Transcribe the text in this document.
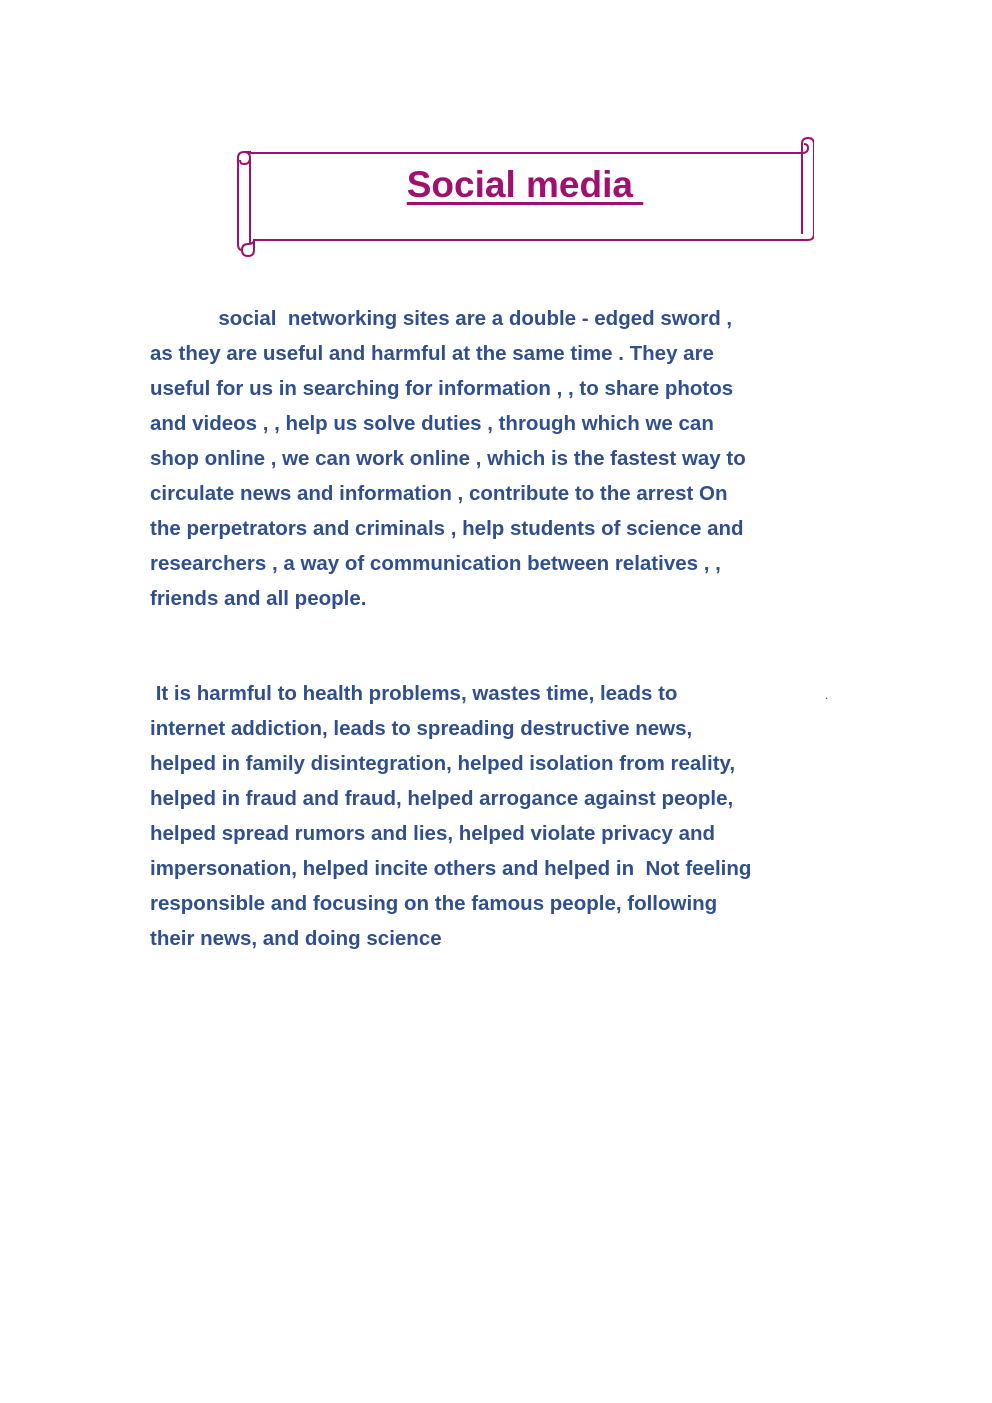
Social media
social  networking sites are a double - edged sword ,
as they are useful and harmful at the same time . They are
useful for us in searching for information , , to share photos
and videos , , help us solve duties , through which we can
shop online , we can work online , which is the fastest way to
circulate news and information , contribute to the arrest On
the perpetrators and criminals , help students of science and
researchers , a way of communication between relatives , ,
friends and all people.
.
It is harmful to health problems, wastes time, leads to
internet addiction, leads to spreading destructive news,
helped in family disintegration, helped isolation from reality,
helped in fraud and fraud, helped arrogance against people,
helped spread rumors and lies, helped violate privacy and
impersonation, helped incite others and helped in  Not feeling
responsible and focusing on the famous people, following
their news, and doing science
